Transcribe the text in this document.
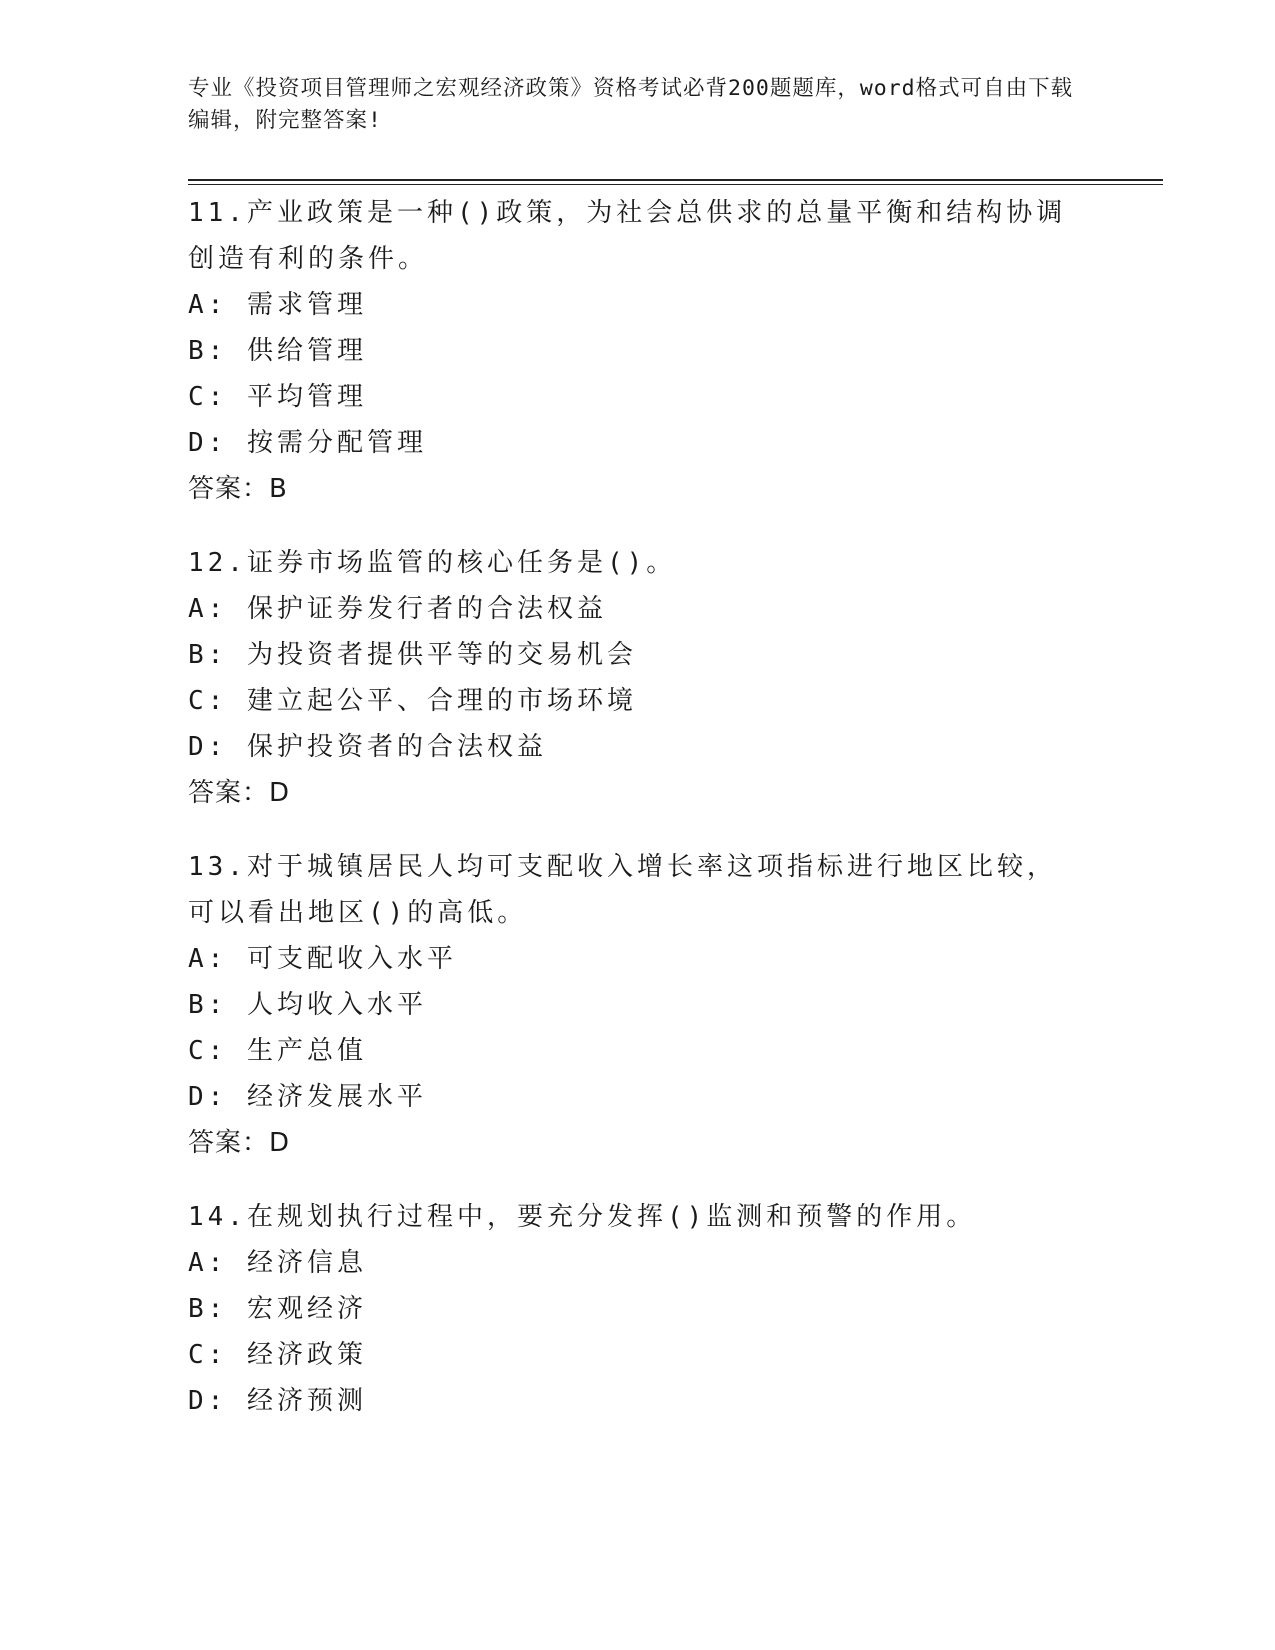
专业《投资项目管理师之宏观经济政策》资格考试必背200题题库，word格式可自由下载编辑，附完整答案!
11.产业政策是一种()政策，为社会总供求的总量平衡和结构协调创造有利的条件。
A: 需求管理
B: 供给管理
C: 平均管理
D: 按需分配管理
答案：B
12.证券市场监管的核心任务是()。
A: 保护证券发行者的合法权益
B: 为投资者提供平等的交易机会
C: 建立起公平、合理的市场环境
D: 保护投资者的合法权益
答案：D
13.对于城镇居民人均可支配收入增长率这项指标进行地区比较，可以看出地区()的高低。
A: 可支配收入水平
B: 人均收入水平
C: 生产总值
D: 经济发展水平
答案：D
14.在规划执行过程中，要充分发挥()监测和预警的作用。
A: 经济信息
B: 宏观经济
C: 经济政策
D: 经济预测
